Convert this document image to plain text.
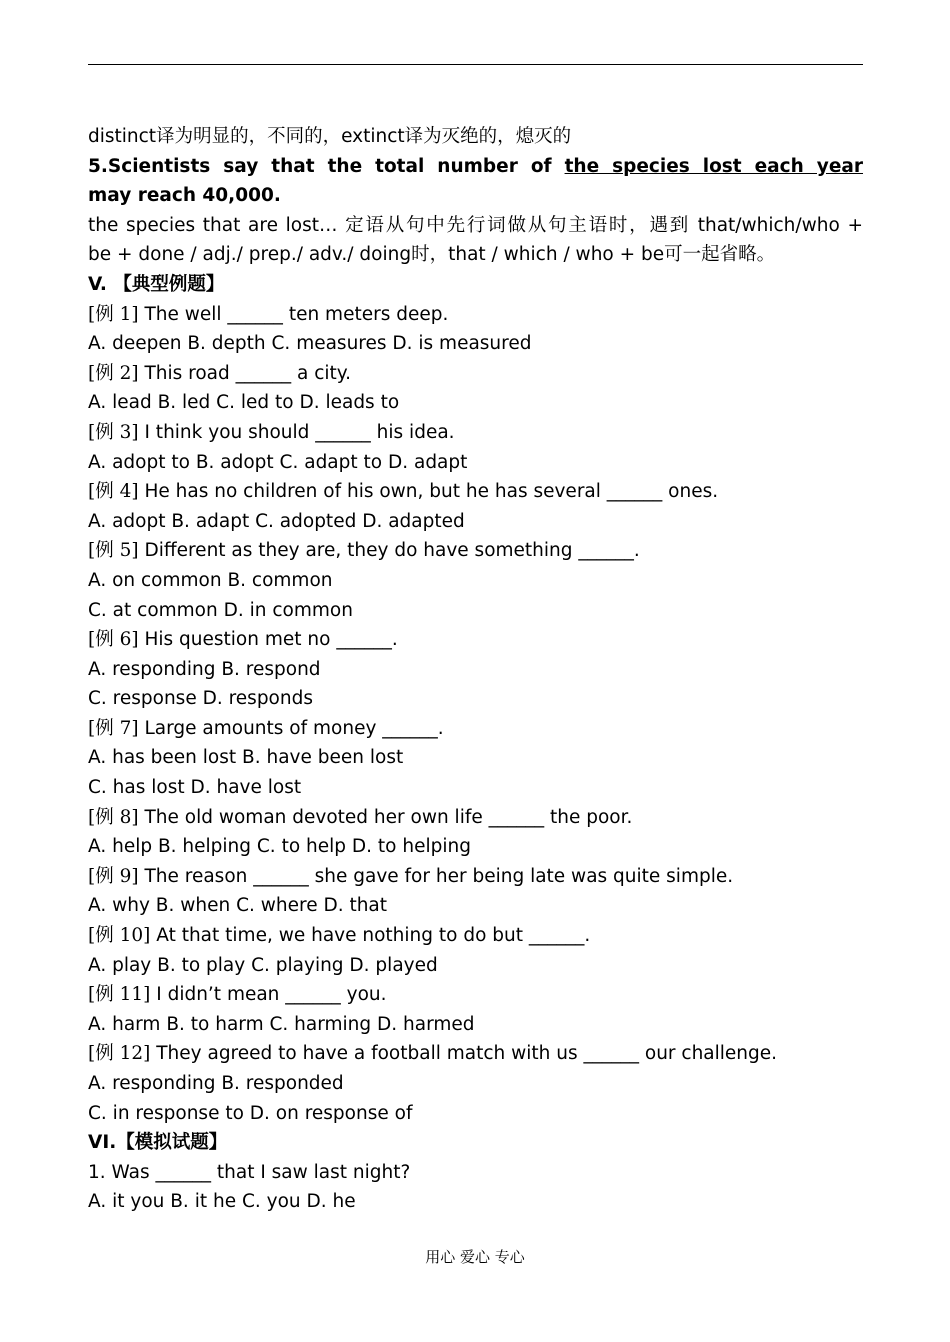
distinct译为明显的，不同的，extinct译为灭绝的，熄灭的
5.Scientists say that the total number of the species lost each year
may reach 40,000.
the species that are lost… 定语从句中先行词做从句主语时，遇到 that/which/who +
be + done / adj./ prep./ adv./ doing时，that / which / who + be可一起省略。
V. 【典型例题】
[例 1] The well ______ ten meters deep.
A. deepen B. depth C. measures D. is measured
[例 2] This road ______ a city.
A. lead B. led C. led to D. leads to
[例 3] I think you should ______ his idea.
A. adopt to B. adopt C. adapt to D. adapt
[例 4] He has no children of his own, but he has several ______ ones.
A. adopt B. adapt C. adopted D. adapted
[例 5] Different as they are, they do have something ______.
A. on common B. common
C. at common D. in common
[例 6] His question met no ______.
A. responding B. respond
C. response D. responds
[例 7] Large amounts of money ______.
A. has been lost B. have been lost
C. has lost D. have lost
[例 8] The old woman devoted her own life ______ the poor.
A. help B. helping C. to help D. to helping
[例 9] The reason ______ she gave for her being late was quite simple.
A. why B. when C. where D. that
[例 10] At that time, we have nothing to do but ______.
A. play B. to play C. playing D. played
[例 11] I didn’t mean ______ you.
A. harm B. to harm C. harming D. harmed
[例 12] They agreed to have a football match with us ______ our challenge.
A. responding B. responded
C. in response to D. on response of
VI.【模拟试题】
1. Was ______ that I saw last night?
A. it you B. it he C. you D. he
用心 爱心 专心
